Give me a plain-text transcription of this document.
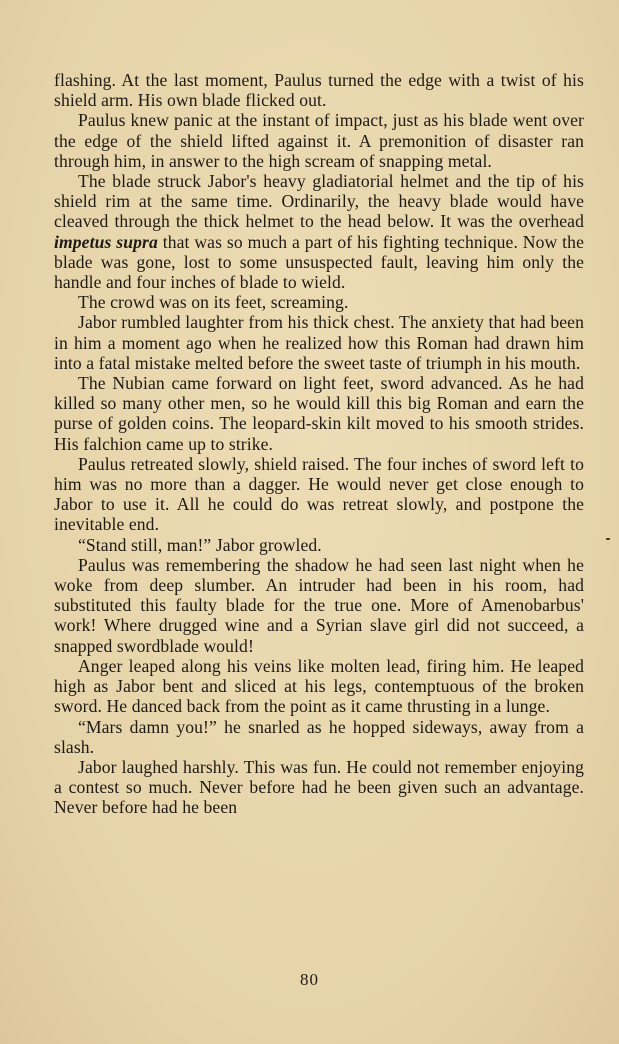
flashing. At the last moment, Paulus turned the edge with a twist of his shield arm. His own blade flicked out.

Paulus knew panic at the instant of impact, just as his blade went over the edge of the shield lifted against it. A premonition of disaster ran through him, in answer to the high scream of snapping metal.

The blade struck Jabor's heavy gladiatorial helmet and the tip of his shield rim at the same time. Ordinarily, the heavy blade would have cleaved through the thick helmet to the head below. It was the overhead impetus supra that was so much a part of his fighting technique. Now the blade was gone, lost to some unsuspected fault, leaving him only the handle and four inches of blade to wield.

The crowd was on its feet, screaming.

Jabor rumbled laughter from his thick chest. The anxiety that had been in him a moment ago when he realized how this Roman had drawn him into a fatal mistake melted before the sweet taste of triumph in his mouth.

The Nubian came forward on light feet, sword advanced. As he had killed so many other men, so he would kill this big Roman and earn the purse of golden coins. The leopard-skin kilt moved to his smooth strides. His falchion came up to strike.

Paulus retreated slowly, shield raised. The four inches of sword left to him was no more than a dagger. He would never get close enough to Jabor to use it. All he could do was retreat slowly, and postpone the inevitable end.

“Stand still, man!” Jabor growled.

Paulus was remembering the shadow he had seen last night when he woke from deep slumber. An intruder had been in his room, had substituted this faulty blade for the true one. More of Amenobarbus' work! Where drugged wine and a Syrian slave girl did not succeed, a snapped swordblade would!

Anger leaped along his veins like molten lead, firing him. He leaped high as Jabor bent and sliced at his legs, contemptuous of the broken sword. He danced back from the point as it came thrusting in a lunge.

“Mars damn you!” he snarled as he hopped sideways, away from a slash.

Jabor laughed harshly. This was fun. He could not remember enjoying a contest so much. Never before had he been given such an advantage. Never before had he been

80
